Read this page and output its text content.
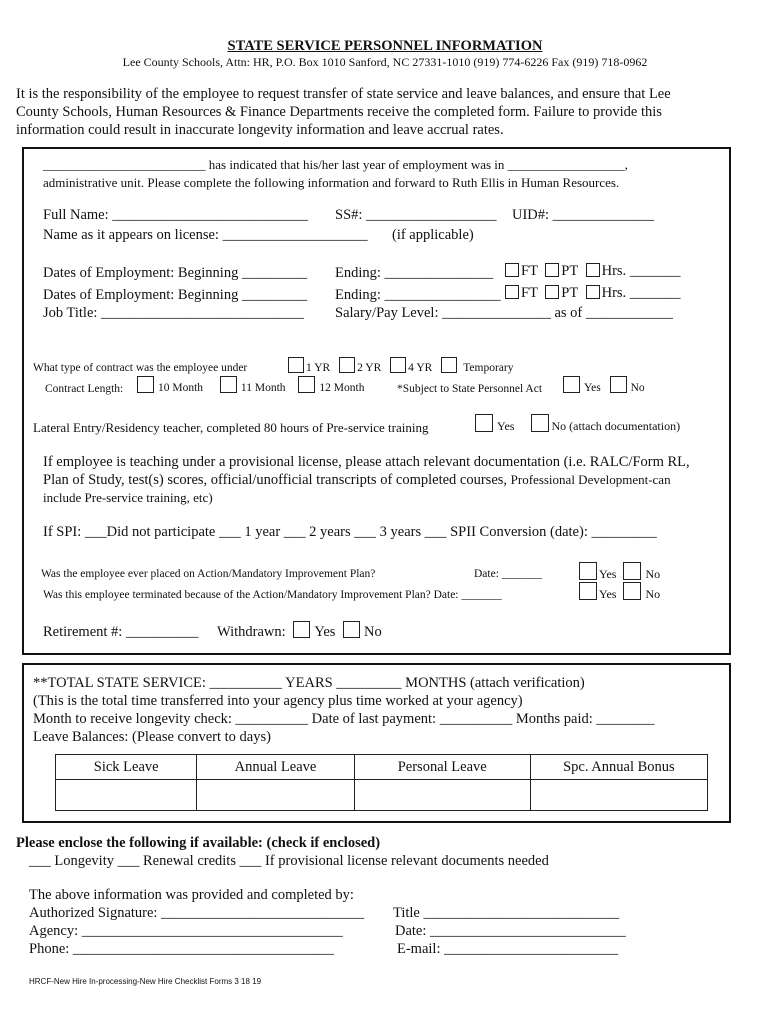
STATE SERVICE PERSONNEL INFORMATION
Lee County Schools, Attn: HR, P.O. Box 1010 Sanford, NC 27331-1010 (919) 774-6226 Fax (919) 718-0962
It is the responsibility of the employee to request transfer of state service and leave balances, and ensure that Lee
County Schools, Human Resources & Finance Departments receive the completed form. Failure to provide this
information could result in inaccurate longevity information and leave accrual rates.
_________________________ has indicated that his/her last year of employment was in __________________,
administrative unit. Please complete the following information and forward to Ruth Ellis in Human Resources.
Full Name: ___________________________ SS#: __________________ UID#: ______________
Name as it appears on license: ____________________ (if applicable)
Dates of Employment: Beginning _________ Ending: _______________	FT PT Hrs. _______
Dates of Employment: Beginning _________ Ending: ________________	FT PT Hrs. _______
Job Title: ____________________________ Salary/Pay Level: _______________ as of ____________
What type of contract was the employee under	1 YR 2 YR 4 YR	Temporary
Contract Length:	10 Month	11 Month	12 Month	*Subject to State Personnel Act	Yes	No
Lateral Entry/Residency teacher, completed 80 hours of Pre-service training	Yes	No (attach documentation)
If employee is teaching under a provisional license, please attach relevant documentation (i.e. RALC/Form RL,
Plan of Study, test(s) scores, official/unofficial transcripts of completed courses, Professional Development-can
include Pre-service training, etc)
If SPI: ___Did not participate ___ 1 year ___ 2 years ___ 3 years ___ SPII Conversion (date): _________
Was the employee ever placed on Action/Mandatory Improvement Plan?	Date: _______	Yes No
Was this employee terminated because of the Action/Mandatory Improvement Plan? Date: _______	Yes No
Retirement #: __________ Withdrawn: Yes No
**TOTAL STATE SERVICE: __________ YEARS _________ MONTHS (attach verification)
(This is the total time transferred into your agency plus time worked at your agency)
Month to receive longevity check: __________ Date of last payment: __________ Months paid: ________
Leave Balances: (Please convert to days)
Sick Leave	Annual Leave	Personal Leave	Spc. Annual Bonus

Please enclose the following if available: (check if enclosed)
___ Longevity ___ Renewal credits ___ If provisional license relevant documents needed
The above information was provided and completed by:
Authorized Signature: ____________________________ Title ___________________________
Agency: ____________________________________	Date: ___________________________
Phone: ____________________________________	E-mail: ________________________
HRCF-New Hire In-processing-New Hire Checklist Forms 3 18 19
